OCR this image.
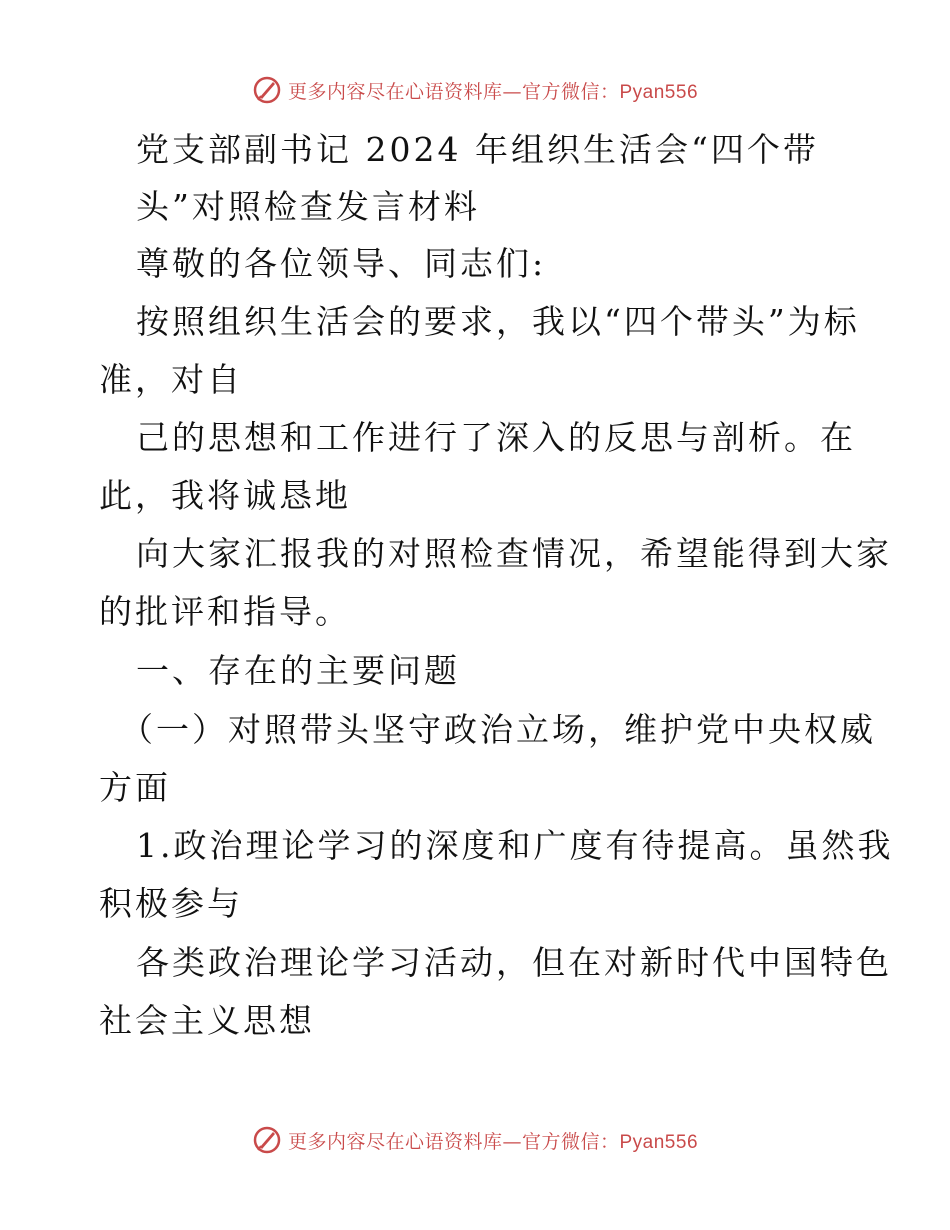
更多内容尽在心语资料库—官方微信：Pyan556
党支部副书记 2024 年组织生活会“四个带
头”对照检查发言材料
尊敬的各位领导、同志们:
按照组织生活会的要求，我以“四个带头”为标
准，对自
己的思想和工作进行了深入的反思与剖析。在
此，我将诚恳地
向大家汇报我的对照检查情况，希望能得到大家
的批评和指导。
一、存在的主要问题
（一）对照带头坚守政治立场，维护党中央权威
方面
1.政治理论学习的深度和广度有待提高。虽然我
积极参与
各类政治理论学习活动，但在对新时代中国特色
社会主义思想
更多内容尽在心语资料库—官方微信：Pyan556
